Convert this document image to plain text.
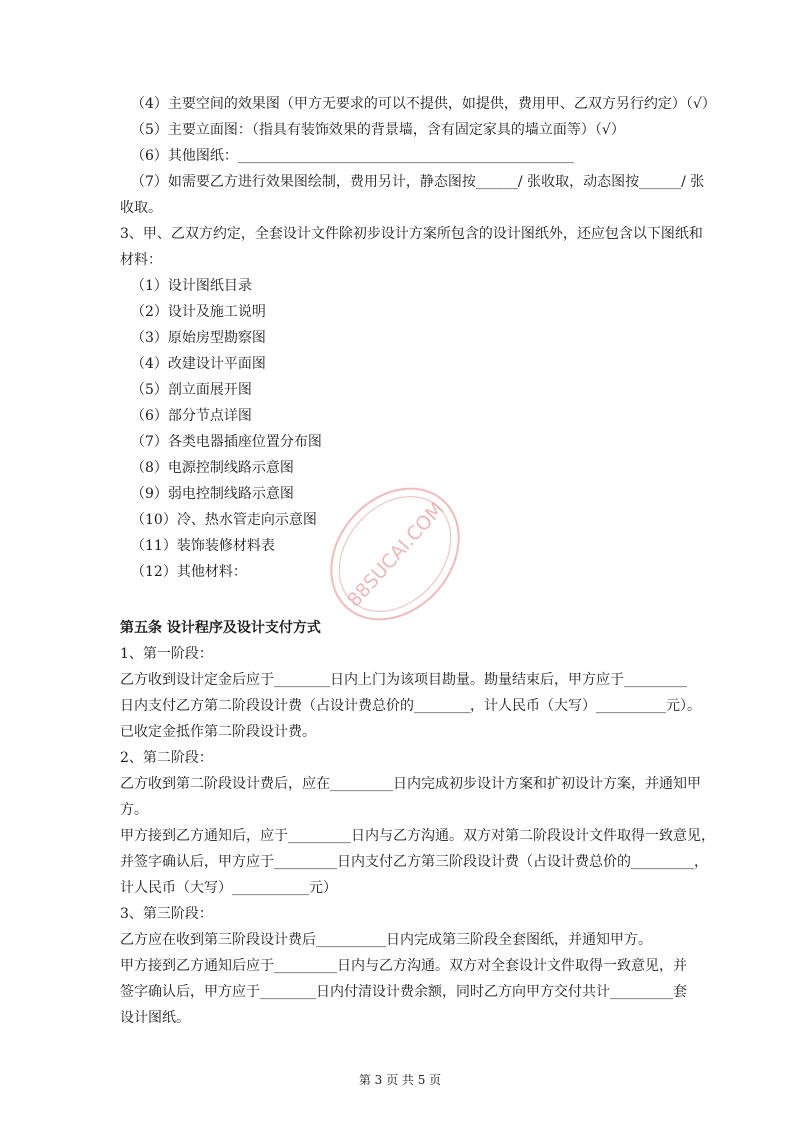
（4）主要空间的效果图（甲方无要求的可以不提供，如提供，费用甲、乙双方另行约定）（√）
（5）主要立面图：（指具有装饰效果的背景墙，含有固定家具的墙立面等）（√）
（6）其他图纸：________________________________________________
（7）如需要乙方进行效果图绘制，费用另计，静态图按______/ 张收取，动态图按______/ 张
收取。
3、甲、乙双方约定，全套设计文件除初步设计方案所包含的设计图纸外，还应包含以下图纸和
材料：
（1）设计图纸目录
（2）设计及施工说明
（3）原始房型勘察图
（4）改建设计平面图
（5）剖立面展开图
（6）部分节点详图
（7）各类电器插座位置分布图
（8）电源控制线路示意图
（9）弱电控制线路示意图
（10）冷、热水管走向示意图
（11）装饰装修材料表
（12）其他材料：
第五条 设计程序及设计支付方式
1、第一阶段：
乙方收到设计定金后应于________日内上门为该项目勘量。勘量结束后，甲方应于_________
日内支付乙方第二阶段设计费（占设计费总价的________，计人民币（大写）__________元）。
已收定金抵作第二阶段设计费。
2、第二阶段：
乙方收到第二阶段设计费后，应在_________日内完成初步设计方案和扩初设计方案，并通知甲
方。
甲方接到乙方通知后，应于_________日内与乙方沟通。双方对第二阶段设计文件取得一致意见，
并签字确认后，甲方应于_________日内支付乙方第三阶段设计费（占设计费总价的_________，
计人民币（大写）___________元）
3、第三阶段：
乙方应在收到第三阶段设计费后__________日内完成第三阶段全套图纸，并通知甲方。
甲方接到乙方通知后应于_________日内与乙方沟通。双方对全套设计文件取得一致意见，并
签字确认后，甲方应于________日内付清设计费余额，同时乙方向甲方交付共计_________套
设计图纸。
88SUCAI.COM
第 3 页 共 5 页
